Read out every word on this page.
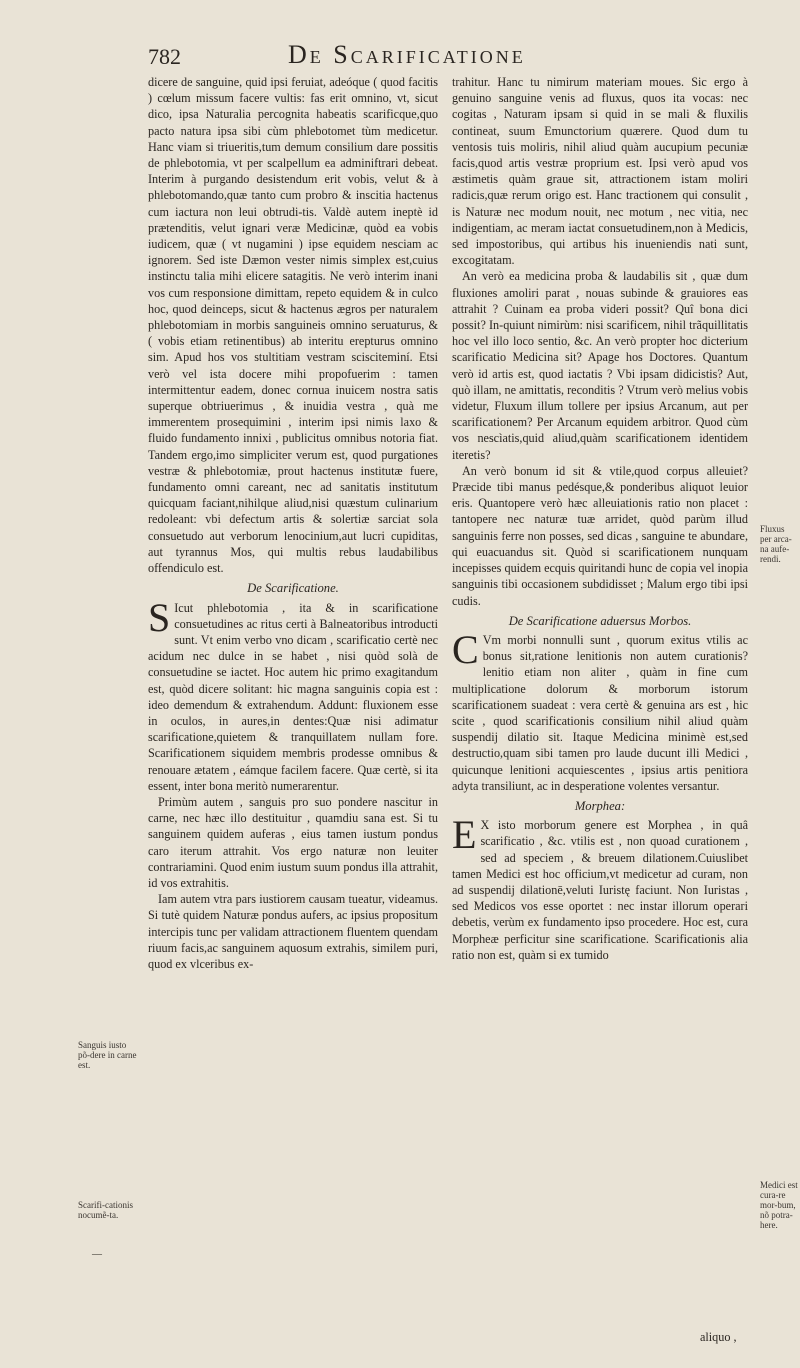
782	De Scarificatione

dicere de sanguine, quid ipsi feruiat, adeóque ( quod facitis ) cœlum missum facere vultis: fas erit omnino, vt, sicut dico, ipsa Naturalia percognita habeatis scarificque,quo pacto natura ipsa sibi cùm phlebotomet tùm medicetur. Hanc viam si triueritis,tum demum consilium dare possitis de phlebotomia, vt per scalpellum ea adminiftrari debeat. Interim à purgando desistendum erit vobis, velut & à phlebotomando,quæ tanto cum probro & inscitia hactenus cum iactura non leui obtrudi-tis. Valdè autem ineptè id prætenditis, velut ignari veræ Medicinæ, quòd ea vobis iudicem, quæ ( vt nugamini ) ipse equidem nesciam ac ignorem. Sed iste Dæmon vester nimis simplex est,cuius instinctu talia mihi elicere satagitis. Ne verò interim inani vos cum responsione dimittam, repeto equidem & in culco hoc, quod deinceps, sicut & hactenus ægros per naturalem phlebotomiam in morbis sanguineis omnino seruaturus, & ( vobis etiam retinentibus) ab interitu erepturus omnino sim. Apud hos vos stultitiam vestram scisciteminí. Etsi verò vel ista docere mihi propofuerim : tamen intermittentur eadem, donec cornua inuicem nostra satis superque obtriuerimus , & inuidia vestra , quà me immerentem prosequimini , interim ipsi nimis laxo & fluido fundamento innixi , publicitus omnibus notoria fiat. Tandem ergo,imo simpliciter verum est, quod purgationes vestræ & phlebotomiæ, prout hactenus institutæ fuere, fundamento omni careant, nec ad sanitatis institutum quicquam faciant,nihilque aliud,nisi quæstum culinarium redoleant: vbi defectum artis & solertiæ sarciat sola consuetudo aut verborum lenocinium,aut lucri cupiditas, aut tyrannus Mos, qui multis rebus laudabilibus offendiculo est.

De Scarificatione.

S Icut phlebotomia , ita & in scarificatione consuetudines ac ritus certi à Balneatoribus introducti sunt. Vt enim verbo vno dicam , scarificatio certè nec acidum nec dulce in se habet , nisi quòd solà de consuetudine se iactet. Hoc autem hic primo exagitandum est, quòd dicere solitant: hic magna sanguinis copia est : ideo demendum & extrahendum. Addunt: fluxionem esse in oculos, in aures,in dentes:Quæ nisi adimatur scarificatione,quietem & tranquillatem nullam fore. Scarificationem siquidem membris prodesse omnibus & renouare ætatem , eámque facilem facere. Quæ certè, si ita essent, inter bona meritò numerarentur.

Primùm autem , sanguis pro suo pondere nascitur in carne, nec hæc illo destituitur , quamdiu sana est. Si tu sanguinem quidem auferas , eius tamen iustum pondus caro iterum attrahit. Vos ergo naturæ non leuiter contrariamini. Quod enim iustum suum pondus illa attrahit, id vos extrahitis.

Iam autem vtra pars iustiorem causam tueatur, videamus. Si tutè quidem Naturæ pondus aufers, ac ipsius propositum intercipis tunc per validam attractionem fluentem quendam riuum facis,ac sanguinem aquosum extrahis, similem puri, quod ex vlceribus ex-

trahitur. Hanc tu nimirum materiam moues. Sic ergo à genuino sanguine venis ad fluxus, quos ita vocas: nec cogitas , Naturam ipsam si quid in se mali & fluxilis contineat, suum Emunctorium quærere. Quod dum tu ventosis tuis moliris, nihil aliud quàm aucupium pecuniæ facis,quod artis vestræ proprium est. Ipsi verò apud vos æstimetis quàm graue sit, attractionem istam moliri radicis,quæ rerum origo est. Hanc tractionem qui consulit , is Naturæ nec modum nouit, nec motum , nec vitia, nec indigentiam, ac meram iactat consuetudinem,non à Medicis, sed impostoribus, qui artibus his inueniendis nati sunt, excogitatam.

An verò ea medicina proba & laudabilis sit , quæ dum fluxiones amoliri parat , nouas subinde & grauiores eas attrahit ? Cuinam ea proba videri possit? Quî bona dici possit? In-quiunt nimirùm: nisi scarificem, nihil trãquillitatis hoc vel illo loco sentio, &c. An verò propter hoc dicterium scarificatio Medicina sit? Apage hos Doctores. Quantum verò id artis est, quod iactatis ? Vbi ipsam didicistis? Aut, quò illam, ne amittatis, reconditis ? Vtrum verò melius vobis videtur, Fluxum illum tollere per ipsius Arcanum, aut per scarificationem? Per Arcanum equidem arbitror. Quod cùm vos nescìatis,quid aliud,quàm scarificationem identidem iteretis?

An verò bonum id sit & vtile,quod corpus alleuiet? Præcide tibi manus pedésque,& ponderibus aliquot leuior eris. Quantopere verò hæc alleuiationis ratio non placet : tantopere nec naturæ tuæ arridet, quòd parùm illud sanguinis ferre non posses, sed dicas , sanguine te abundare, qui euacuandus sit. Quòd si scarificationem nunquam incepisses quidem ecquis quiritandi hunc de copia vel inopia sanguinis tibi occasionem subdidisset ; Malum ergo tibi ipsi cudis.

De Scarificatione aduersus Morbos.

C Vm morbi nonnulli sunt , quorum exitus vtilis ac bonus sit,ratione lenitionis non autem curationis? lenitio etiam non aliter , quàm in fine cum multiplicatione dolorum & morborum istorum scarificationem suadeat : vera certè & genuina ars est , hic scite , quod scarificationis consilium nihil aliud quàm suspendij dilatio sit. Itaque Medicina minimè est,sed destructio,quam sibi tamen pro laude ducunt illi Medici , quicunque lenitioni acquiescentes , ipsius artis penitiora adyta transiliunt, ac in desperatione volentes versantur.

Morphea:

E X isto morborum genere est Morphea , in quâ scarificatio , &c. vtilis est , non quoad curationem , sed ad speciem , & breuem dilationem.Cuiuslibet tamen Medici est hoc officium,vt medicetur ad curam, non ad suspendij dilationē,veluti Iuristę faciunt. Non Iuristas , sed Medicos vos esse oportet : nec instar illorum operari debetis, verùm ex fundamento ipso procedere. Hoc est, cura Morpheæ perficitur sine scarificatione. Scarificationis alia ratio non est, quàm si ex tumido

aliquo ,
Sanguis iusto põ-dere in carne est.
Scarifi-cationis nocumẽ-ta.
Fluxus per arca-na aufe-rendi.
Medici est cura-re mor-bum, nõ potra-here.
—
